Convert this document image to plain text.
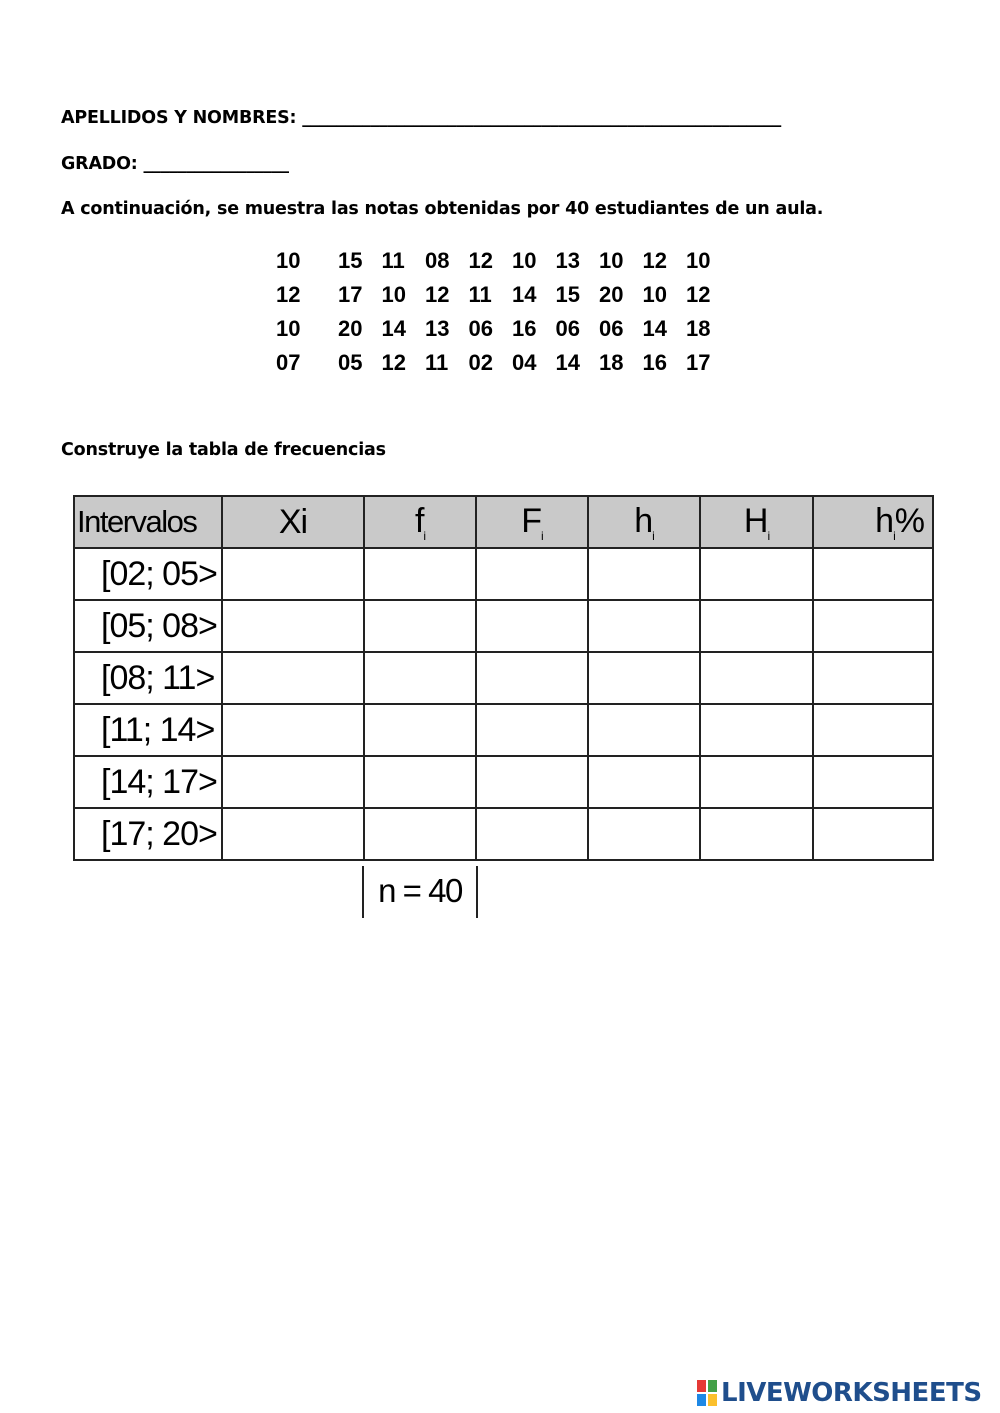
APELLIDOS Y NOMBRES: ________________________________________________________
GRADO: _________________
A continuación, se muestra las notas obtenidas por 40 estudiantes de un aula.
10	15 11 08 12 10 13 10 12 10
12	17 10 12 11 14 15 20 10 12
10	20 14 13 06 16 06 06 14 18
07	05 12 11 02 04 14 18 16 17
Construye la tabla de frecuencias
Intervalos	Xi	$f_i$	$F_i$	$h_i$	$H_i$	$h_i\%$
[02; 05>						
[05; 08>						
[08; 11>						
[11; 14>						
[14; 17>						
[17; 20>						
n = 40
LIVEWORKSHEETS
